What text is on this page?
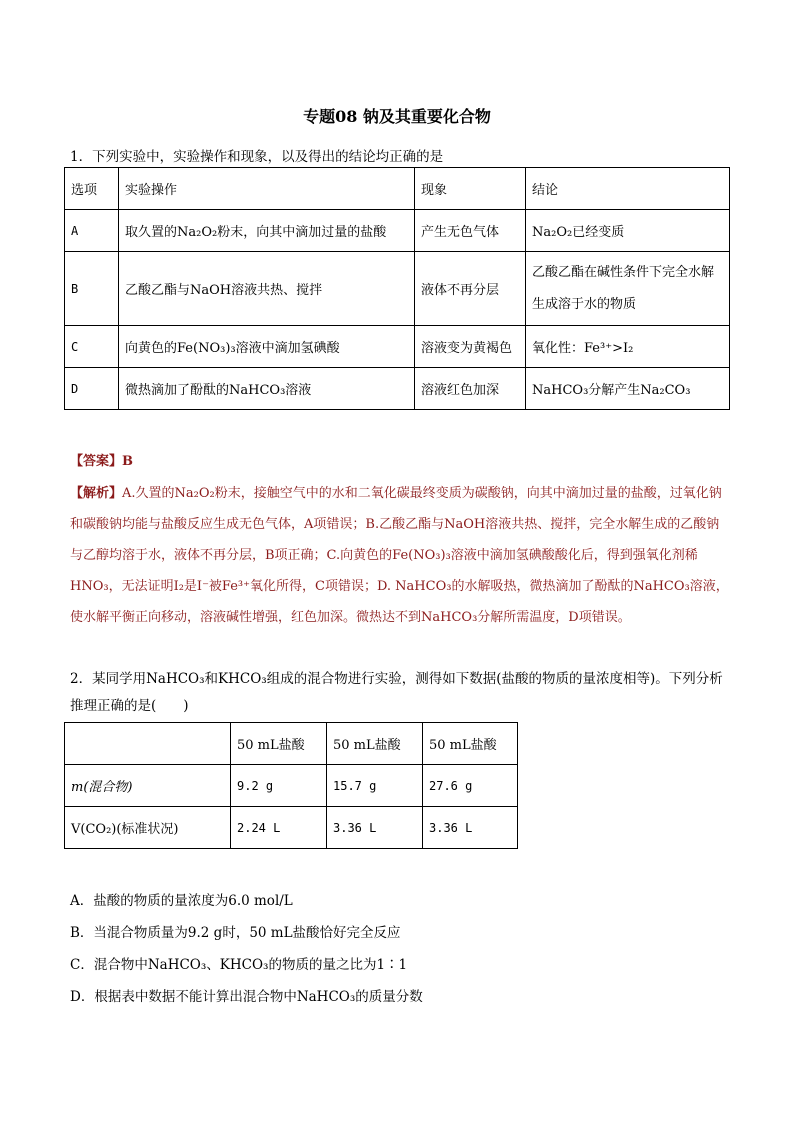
专题08 钠及其重要化合物
1．下列实验中，实验操作和现象，以及得出的结论均正确的是
选项	实验操作	现象	结论
A	取久置的Na₂O₂粉末，向其中滴加过量的盐酸	产生无色气体	Na₂O₂已经变质
B	乙酸乙酯与NaOH溶液共热、搅拌	液体不再分层	乙酸乙酯在碱性条件下完全水解生成溶于水的物质
C	向黄色的Fe(NO₃)₃溶液中滴加氢碘酸	溶液变为黄褐色	氧化性：Fe³⁺>I₂
D	微热滴加了酚酞的NaHCO₃溶液	溶液红色加深	NaHCO₃分解产生Na₂CO₃
【答案】B
【解析】A.久置的Na₂O₂粉末，接触空气中的水和二氧化碳最终变质为碳酸钠，向其中滴加过量的盐酸，过氧化钠和碳酸钠均能与盐酸反应生成无色气体，A项错误；B.乙酸乙酯与NaOH溶液共热、搅拌，完全水解生成的乙酸钠与乙醇均溶于水，液体不再分层，B项正确；C.向黄色的Fe(NO₃)₃溶液中滴加氢碘酸酸化后，得到强氧化剂稀HNO₃，无法证明I₂是I⁻被Fe³⁺氧化所得，C项错误；D. NaHCO₃的水解吸热，微热滴加了酚酞的NaHCO₃溶液，使水解平衡正向移动，溶液碱性增强，红色加深。微热达不到NaHCO₃分解所需温度，D项错误。
2．某同学用NaHCO₃和KHCO₃组成的混合物进行实验，测得如下数据(盐酸的物质的量浓度相等)。下列分析推理正确的是(　　)
	50 mL盐酸	50 mL盐酸	50 mL盐酸
m(混合物)	9.2 g	15.7 g	27.6 g
V(CO₂)(标准状况)	2.24 L	3.36 L	3.36 L
A．盐酸的物质的量浓度为6.0 mol/L
B．当混合物质量为9.2 g时，50 mL盐酸恰好完全反应
C．混合物中NaHCO₃、KHCO₃的物质的量之比为1∶1
D．根据表中数据不能计算出混合物中NaHCO₃的质量分数
